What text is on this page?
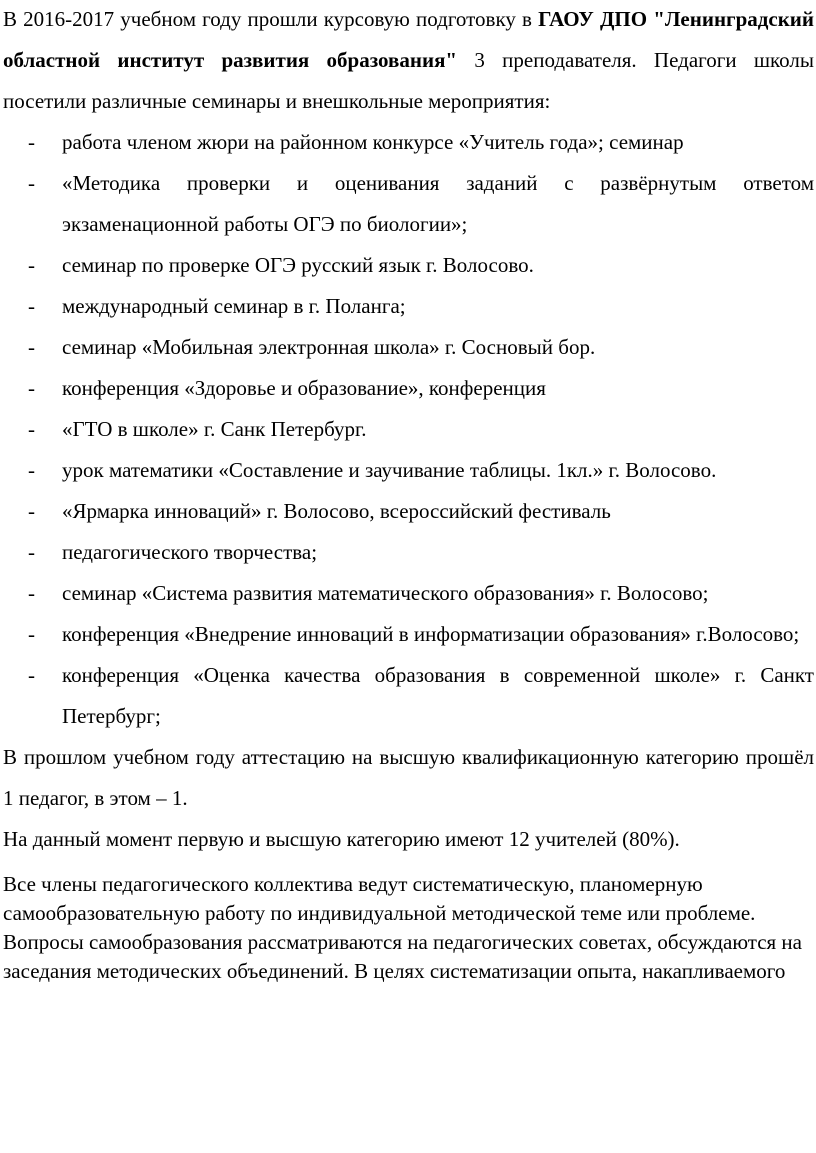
В 2016-2017 учебном году прошли курсовую подготовку в ГАОУ ДПО "Ленинградский областной институт развития образования" 3 преподавателя. Педагоги школы посетили различные семинары и внешкольные мероприятия:

- работа членом жюри на районном конкурсе «Учитель года»; семинар
- «Методика проверки и оценивания заданий с развёрнутым ответом экзаменационной работы ОГЭ по биологии»;
- семинар по проверке ОГЭ русский язык г. Волосово.
- международный семинар в г. Поланга;
- семинар «Мобильная электронная школа» г. Сосновый бор.
- конференция «Здоровье и образование», конференция
- «ГТО в школе» г. Санк Петербург.
- урок математики «Составление и заучивание таблицы. 1кл.» г. Волосово.
- «Ярмарка инноваций» г. Волосово, всероссийский фестиваль
- педагогического творчества;
- семинар «Система развития математического образования» г. Волосово;
- конференция «Внедрение инноваций в информатизации образования» г.Волосово;
- конференция «Оценка качества образования в современной школе» г. Санкт Петербург;

В прошлом учебном году аттестацию на высшую квалификационную категорию прошёл 1 педагог, в этом – 1.

На данный момент первую и высшую категорию имеют 12 учителей (80%).

Все члены педагогического коллектива ведут систематическую, планомерную самообразовательную работу по индивидуальной методической теме или проблеме. Вопросы самообразования рассматриваются на педагогических советах, обсуждаются на заседания методических объединений. В целях систематизации опыта, накапливаемого
